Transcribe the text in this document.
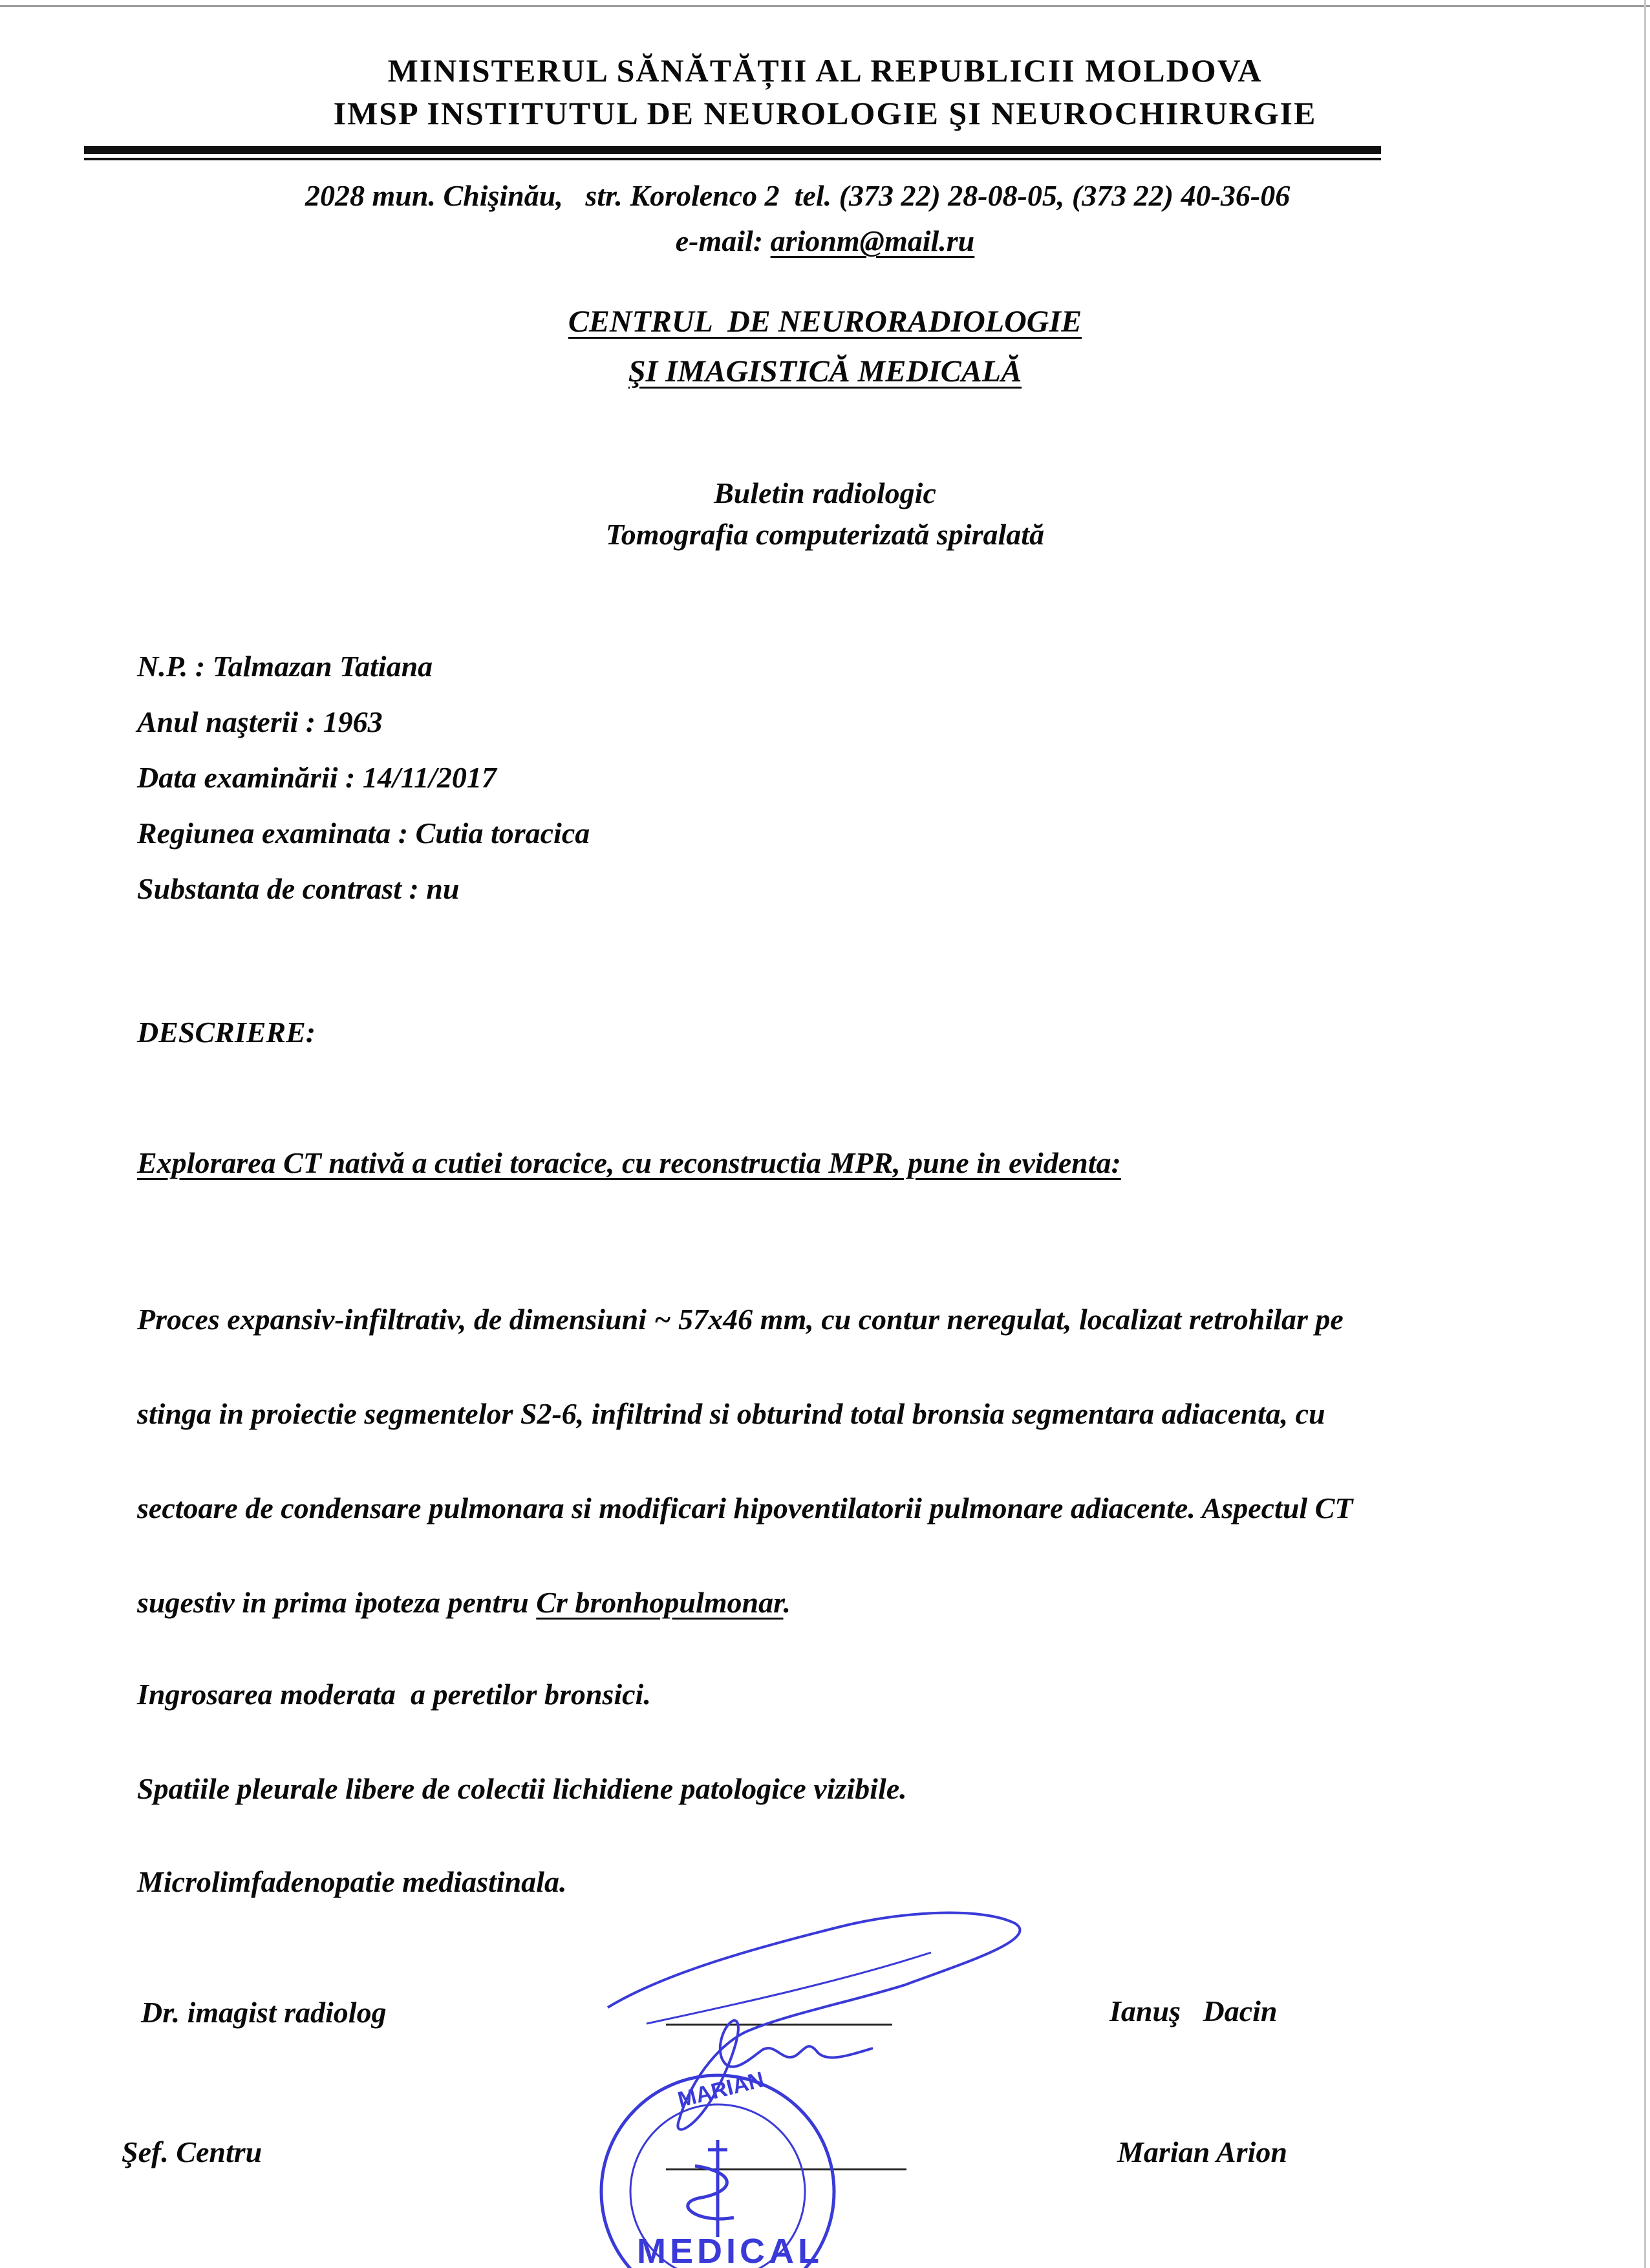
MINISTERUL SĂNĂTĂȚII AL REPUBLICII MOLDOVA
IMSP INSTITUTUL DE NEUROLOGIE ŞI NEUROCHIRURGIE
2028 mun. Chişinău,   str. Korolenco 2  tel. (373 22) 28-08-05, (373 22) 40-36-06
e-mail: arionm@mail.ru
CENTRUL  DE NEURORADIOLOGIE
ŞI IMAGISTICĂ MEDICALĂ
Buletin radiologic
Tomografia computerizată spiralată
N.P. : Talmazan Tatiana
Anul naşterii : 1963
Data examinării : 14/11/2017
Regiunea examinata : Cutia toracica
Substanta de contrast : nu
DESCRIERE:
Explorarea CT nativă a cutiei toracice, cu reconstructia MPR, pune in evidenta:
Proces expansiv-infiltrativ, de dimensiuni ~ 57x46 mm, cu contur neregulat, localizat retrohilar pe
stinga in proiectie segmentelor S2-6, infiltrind si obturind total bronsia segmentara adiacenta, cu
sectoare de condensare pulmonara si modificari hipoventilatorii pulmonare adiacente. Aspectul CT
sugestiv in prima ipoteza pentru Cr bronhopulmonar.
Ingrosarea moderata  a peretilor bronsici.
Spatiile pleurale libere de colectii lichidiene patologice vizibile.
Microlimfadenopatie mediastinala.
Dr. imagist radiolog	Ianuş   Dacin
Şef. Centru	Marian Arion
MARIAN
MEDICAL
